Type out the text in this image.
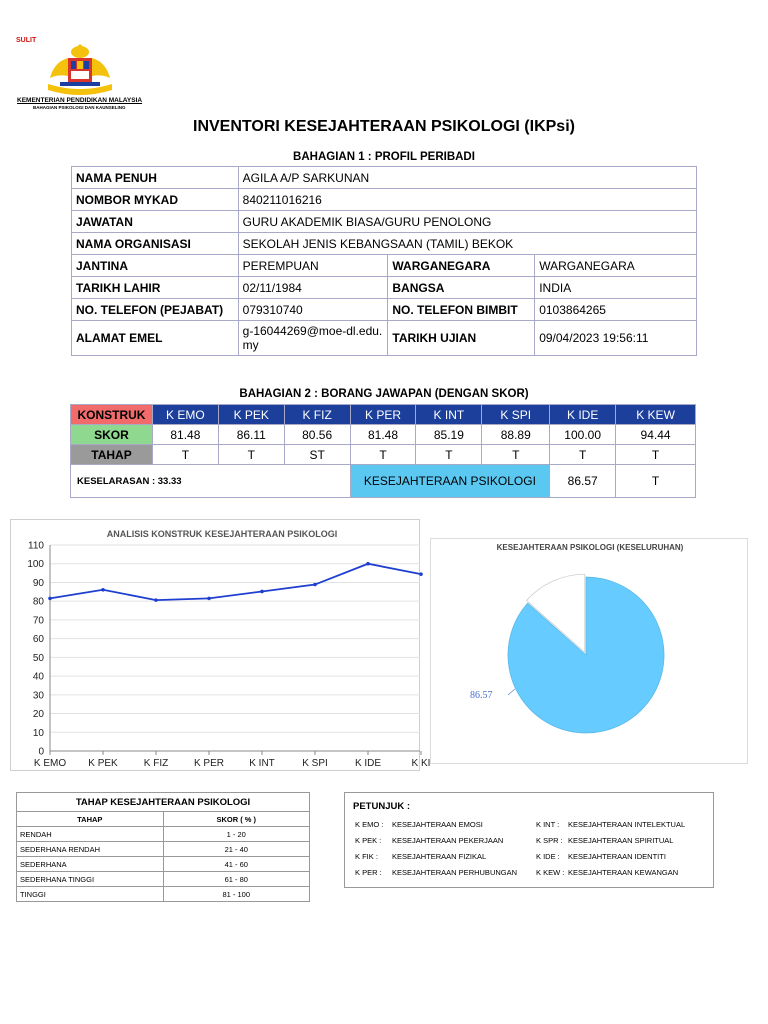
SULIT
KEMENTERIAN PENDIDIKAN MALAYSIA
BAHAGIAN PSIKOLOGI DAN KAUNSELING
INVENTORI KESEJAHTERAAN PSIKOLOGI (IKPsi)
BAHAGIAN 1 : PROFIL PERIBADI
NAMA PENUH	AGILA A/P SARKUNAN		
NOMBOR MYKAD	840211016216		
JAWATAN	GURU AKADEMIK BIASA/GURU PENOLONG		
NAMA ORGANISASI	SEKOLAH JENIS KEBANGSAAN (TAMIL) BEKOK		
JANTINA	PEREMPUAN	WARGANEGARA	WARGANEGARA
TARIKH LAHIR	02/11/1984	BANGSA	INDIA
NO. TELEFON (PEJABAT)	079310740	NO. TELEFON BIMBIT	0103864265
ALAMAT EMEL	g-16044269@moe-dl.edu.my	TARIKH UJIAN	09/04/2023 19:56:11
BAHAGIAN 2 : BORANG JAWAPAN (DENGAN SKOR)
KONSTRUK	K EMO	K PEK	K FIZ	K PER	K INT	K SPI	K IDE	K KEW
SKOR	81.48	86.11	80.56	81.48	85.19	88.89	100.00	94.44
TAHAP	T	T	ST	T	T	T	T	T
KESELARASAN : 33.33				KESEJAHTERAAN PSIKOLOGI			86.57	T
ANALISIS KONSTRUK KESEJAHTERAAN PSIKOLOGI
0
10
20
30
40
50
60
70
80
90
100
110
K EMO K PEK	K FIZ	K PER	K INT	K SPI	K IDE	K KI
KESEJAHTERAAN PSIKOLOGI (KESELURUHAN)
86.57
TAHAP KESEJAHTERAAN PSIKOLOGI	
TAHAP	SKOR ( % )
RENDAH	1 - 20
SEDERHANA RENDAH	21 - 40
SEDERHANA	41 - 60
SEDERHANA TINGGI	61 - 80
TINGGI	81 - 100
PETUNJUK :
K EMO : KESEJAHTERAAN EMOSI	K INT : KESEJAHTERAAN INTELEKTUAL
K PEK : KESEJAHTERAAN PEKERJAAN	K SPR : KESEJAHTERAAN SPIRITUAL
K FIK : KESEJAHTERAAN FIZIKAL	K IDE : KESEJAHTERAAN IDENTITI
K PER : KESEJAHTERAAN PERHUBUNGAN	K KEW : KESEJAHTERAAN KEWANGAN
